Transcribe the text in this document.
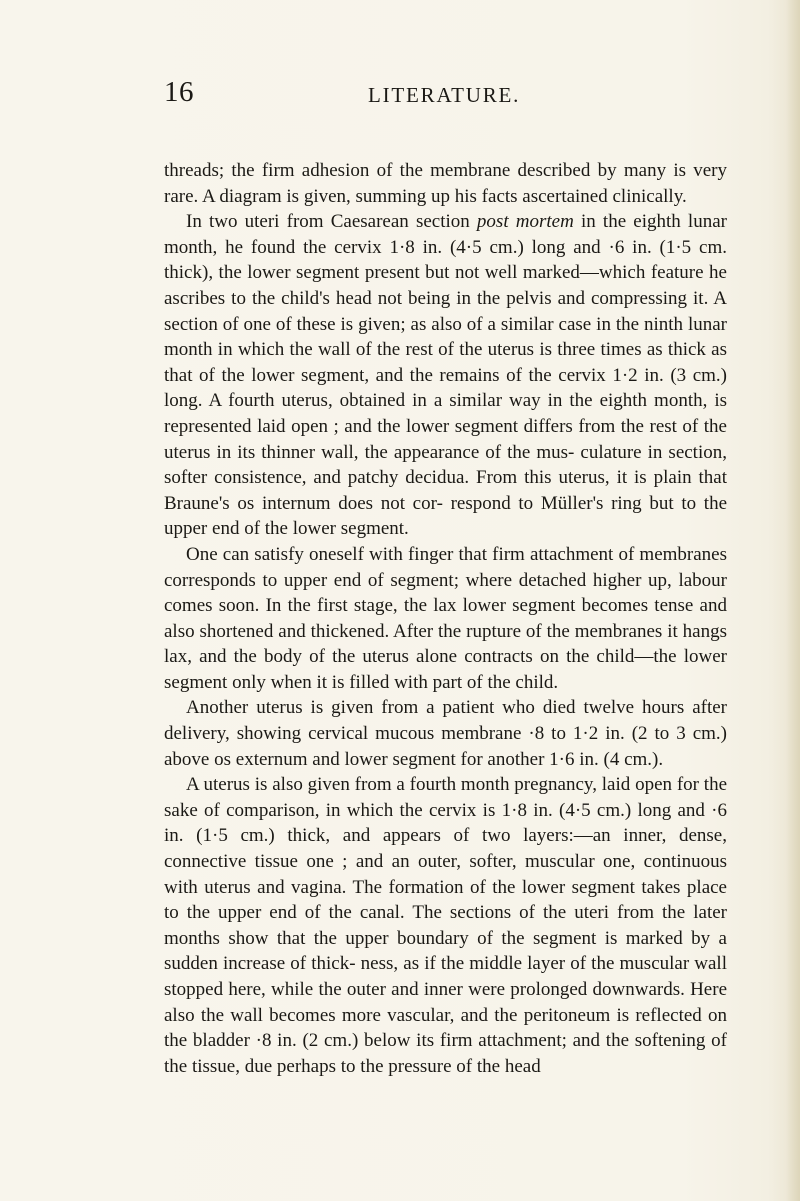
16	LITERATURE.

threads; the firm adhesion of the membrane described by many is very rare. A diagram is given, summing up his facts ascertained clinically.

In two uteri from Caesarean section post mortem in the eighth lunar month, he found the cervix 1·8 in. (4·5 cm.) long and ·6 in. (1·5 cm. thick), the lower segment present but not well marked—which feature he ascribes to the child's head not being in the pelvis and compressing it. A section of one of these is given; as also of a similar case in the ninth lunar month in which the wall of the rest of the uterus is three times as thick as that of the lower segment, and the remains of the cervix 1·2 in. (3 cm.) long. A fourth uterus, obtained in a similar way in the eighth month, is represented laid open ; and the lower segment differs from the rest of the uterus in its thinner wall, the appearance of the mus- culature in section, softer consistence, and patchy decidua. From this uterus, it is plain that Braune's os internum does not cor- respond to Müller's ring but to the upper end of the lower segment.

One can satisfy oneself with finger that firm attachment of membranes corresponds to upper end of segment; where detached higher up, labour comes soon. In the first stage, the lax lower segment becomes tense and also shortened and thickened. After the rupture of the membranes it hangs lax, and the body of the uterus alone contracts on the child—the lower segment only when it is filled with part of the child.

Another uterus is given from a patient who died twelve hours after delivery, showing cervical mucous membrane ·8 to 1·2 in. (2 to 3 cm.) above os externum and lower segment for another 1·6 in. (4 cm.).

A uterus is also given from a fourth month pregnancy, laid open for the sake of comparison, in which the cervix is 1·8 in. (4·5 cm.) long and ·6 in. (1·5 cm.) thick, and appears of two layers:—an inner, dense, connective tissue one ; and an outer, softer, muscular one, continuous with uterus and vagina. The formation of the lower segment takes place to the upper end of the canal. The sections of the uteri from the later months show that the upper boundary of the segment is marked by a sudden increase of thick- ness, as if the middle layer of the muscular wall stopped here, while the outer and inner were prolonged downwards. Here also the wall becomes more vascular, and the peritoneum is reflected on the bladder ·8 in. (2 cm.) below its firm attachment; and the softening of the tissue, due perhaps to the pressure of the head
